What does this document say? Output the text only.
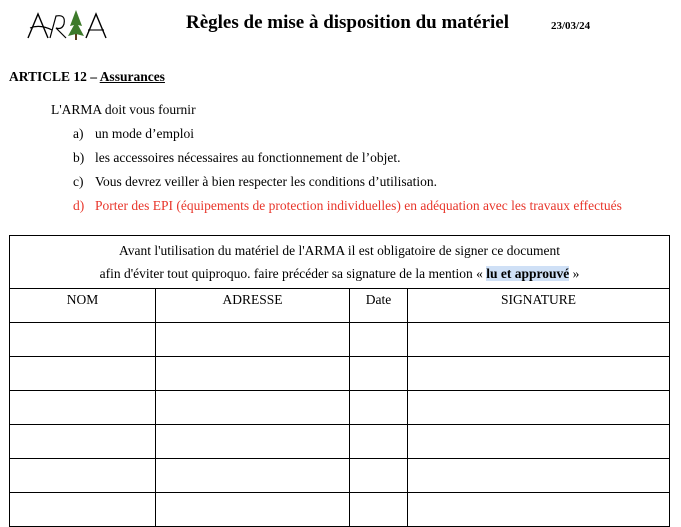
Règles de mise à disposition du matériel	23/03/24
ARTICLE 12 – Assurances
L'ARMA doit vous fournir
a) un mode d’emploi
b) les accessoires nécessaires au fonctionnement de l’objet.
c) Vous devrez veiller à bien respecter les conditions d’utilisation.
d) Porter des EPI (équipements de protection individuelles) en adéquation avec les travaux effectués
Avant l'utilisation du matériel de l'ARMA il est obligatoire de signer ce document
afin d'éviter tout quiproquo. faire précéder sa signature de la mention « lu et approuvé »			

NOM	ADRESSE	Date	SIGNATURE
